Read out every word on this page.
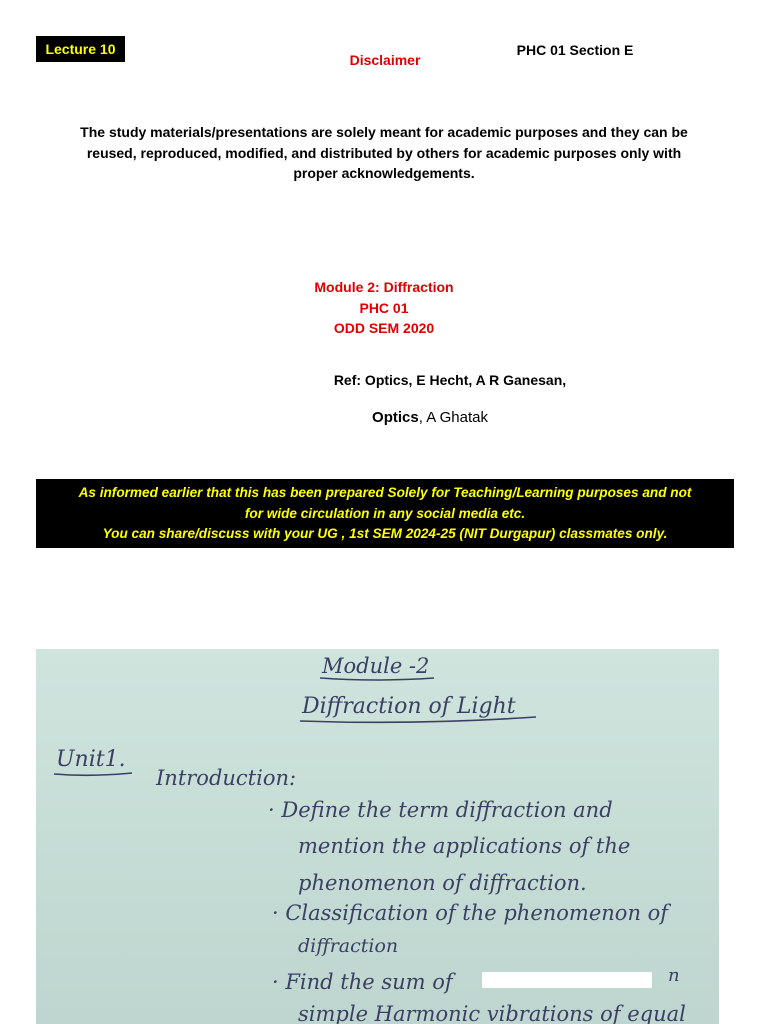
Lecture 10
Disclaimer
PHC 01 Section E
The study materials/presentations are solely meant for academic purposes and they can be
reused, reproduced, modified, and distributed by others for academic purposes only with
proper acknowledgements.
Module 2: Diffraction
PHC 01
ODD SEM 2020
Ref: Optics, E Hecht, A R Ganesan,
Optics, A Ghatak
As informed earlier that this has been prepared Solely for Teaching/Learning purposes and not
for wide circulation in any social media etc.
You can share/discuss with your UG , 1st SEM 2024-25 (NIT Durgapur) classmates only.
Module -2
Diffraction of Light
Unit1.
Introduction:
· Define the term diffraction and
mention the applications of the
phenomenon of diffraction.
· Classification of the phenomenon of
diffraction
· Find the sum of	n
simple Harmonic vibrations of equal
